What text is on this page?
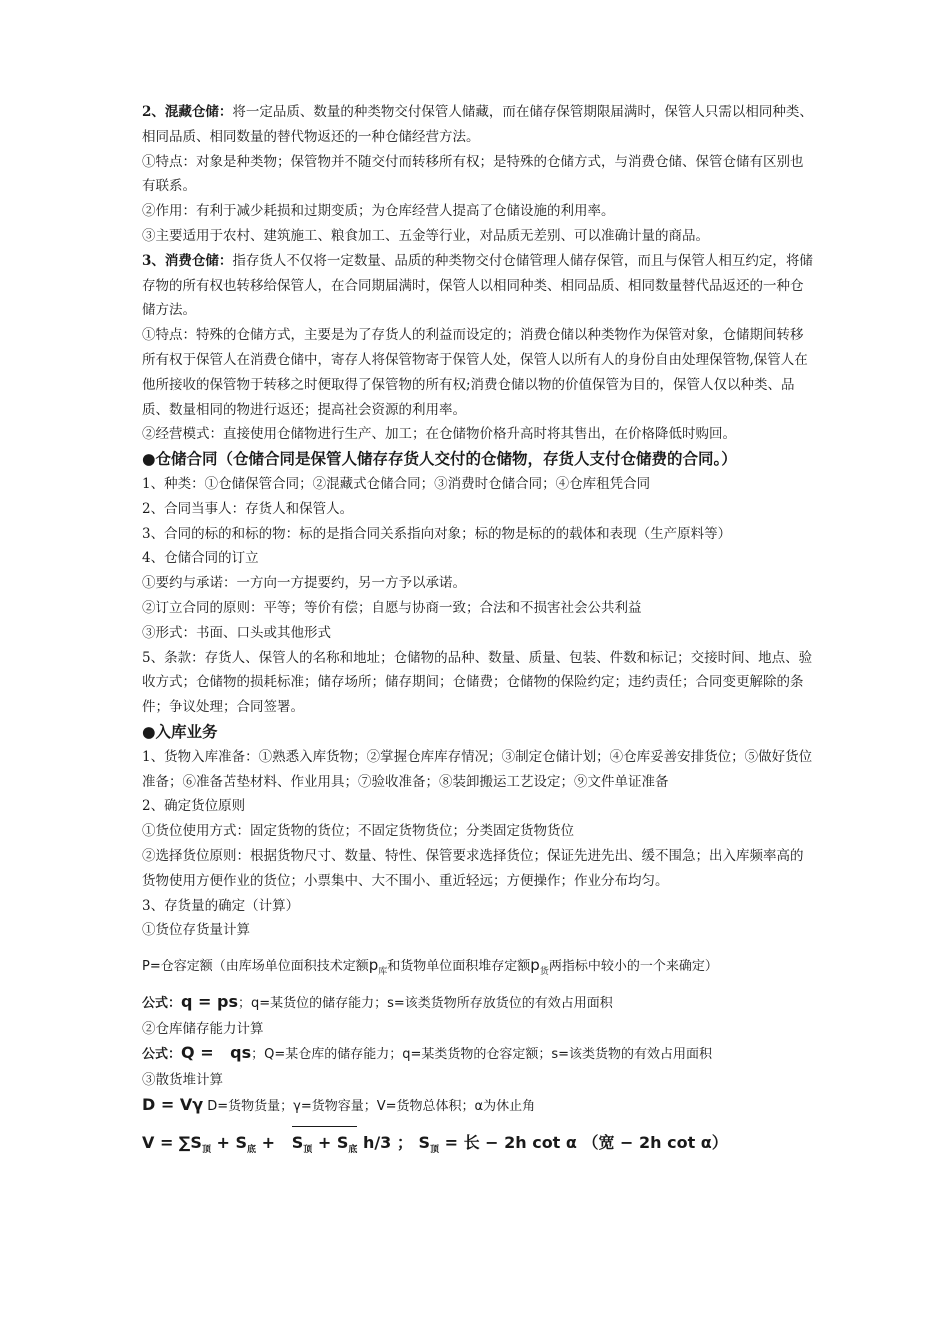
2、混藏仓储：将一定品质、数量的种类物交付保管人储藏，而在储存保管期限届满时，保管人只需以相同种类、相同品质、相同数量的替代物返还的一种仓储经营方法。

①特点：对象是种类物；保管物并不随交付而转移所有权；是特殊的仓储方式，与消费仓储、保管仓储有区别也有联系。

②作用：有利于减少耗损和过期变质；为仓库经营人提高了仓储设施的利用率。

③主要适用于农村、建筑施工、粮食加工、五金等行业，对品质无差别、可以准确计量的商品。

3、消费仓储：指存货人不仅将一定数量、品质的种类物交付仓储管理人储存保管，而且与保管人相互约定，将储存物的所有权也转移给保管人，在合同期届满时，保管人以相同种类、相同品质、相同数量替代品返还的一种仓储方法。

①特点：特殊的仓储方式，主要是为了存货人的利益而设定的；消费仓储以种类物作为保管对象，仓储期间转移所有权于保管人在消费仓储中，寄存人将保管物寄于保管人处，保管人以所有人的身份自由处理保管物,保管人在他所接收的保管物于转移之时便取得了保管物的所有权;消费仓储以物的价值保管为目的，保管人仅以种类、品质、数量相同的物进行返还；提高社会资源的利用率。

②经营模式：直接使用仓储物进行生产、加工；在仓储物价格升高时将其售出，在价格降低时购回。

●仓储合同（仓储合同是保管人储存存货人交付的仓储物，存货人支付仓储费的合同。）

1、种类：①仓储保管合同；②混藏式仓储合同；③消费时仓储合同；④仓库租凭合同

2、合同当事人：存货人和保管人。

3、合同的标的和标的物：标的是指合同关系指向对象；标的物是标的的载体和表现（生产原料等）

4、仓储合同的订立

①要约与承诺：一方向一方提要约，另一方予以承诺。

②订立合同的原则：平等；等价有偿；自愿与协商一致；合法和不损害社会公共利益

③形式：书面、口头或其他形式

5、条款：存货人、保管人的名称和地址；仓储物的品种、数量、质量、包装、件数和标记；交接时间、地点、验收方式；仓储物的损耗标准；储存场所；储存期间；仓储费；仓储物的保险约定；违约责任；合同变更解除的条件；争议处理；合同签署。

●入库业务

1、货物入库准备：①熟悉入库货物；②掌握仓库库存情况；③制定仓储计划；④仓库妥善安排货位；⑤做好货位准备；⑥准备苫垫材料、作业用具；⑦验收准备；⑧装卸搬运工艺设定；⑨文件单证准备

2、确定货位原则

①货位使用方式：固定货物的货位；不固定货物货位；分类固定货物货位

②选择货位原则：根据货物尺寸、数量、特性、保管要求选择货位；保证先进先出、缓不围急；出入库频率高的货物使用方便作业的货位；小票集中、大不围小、重近轻远；方便操作；作业分布均匀。

3、存货量的确定（计算）

①货位存货量计算

P=仓容定额（由库场单位面积技术定额$p_库$和货物单位面积堆存定额$p_货$两指标中较小的一个来确定）

公式：q = ps；q=某货位的储存能力；s=该类货物所存放货位的有效占用面积

②仓库储存能力计算

公式：Q = qs；Q=某仓库的储存能力；q=某类货物的仓容定额；s=该类货物的有效占用面积

③散货堆计算

D = Vγ D=货物货量；γ=货物容量；V=货物总体积；α为休止角

$V = \sum S_顶 + S_底 + S_顶 + S_底$ h/3 ； $S_顶$ = 长 − 2h cot α （宽 − 2h cot α）
